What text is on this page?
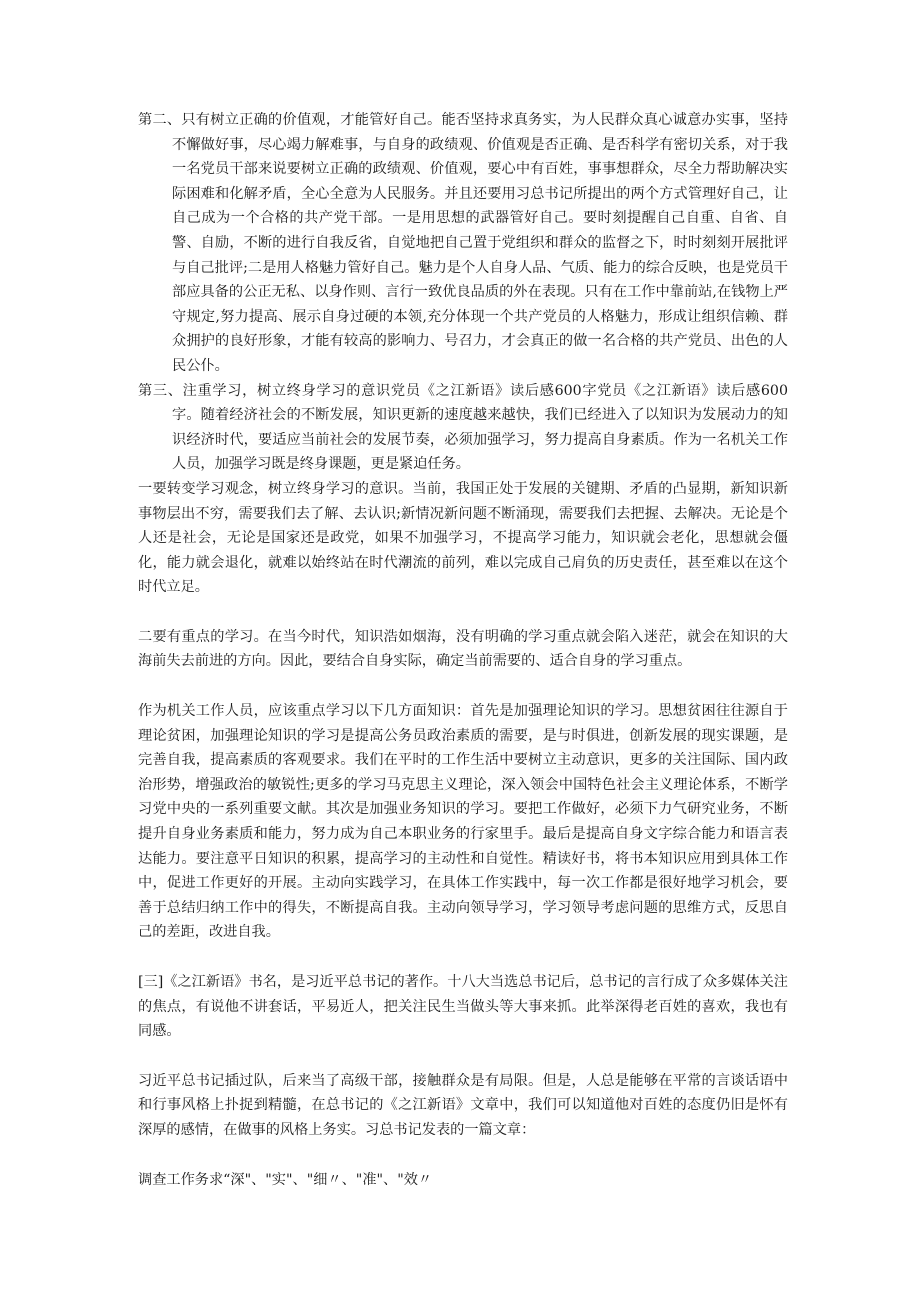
第二、只有树立正确的价值观，才能管好自己。能否坚持求真务实，为人民群众真心诚意办实事，坚持不懈做好事，尽心竭力解难事，与自身的政绩观、价值观是否正确、是否科学有密切关系，对于我一名党员干部来说要树立正确的政绩观、价值观，要心中有百姓，事事想群众，尽全力帮助解决实际困难和化解矛盾，全心全意为人民服务。并且还要用习总书记所提出的两个方式管理好自己，让自己成为一个合格的共产党干部。一是用思想的武器管好自己。要时刻提醒自己自重、自省、自警、自励，不断的进行自我反省，自觉地把自己置于党组织和群众的监督之下，时时刻刻开展批评与自己批评;二是用人格魅力管好自己。魅力是个人自身人品、气质、能力的综合反映，也是党员干部应具备的公正无私、以身作则、言行一致优良品质的外在表现。只有在工作中靠前站,在钱物上严守规定,努力提高、展示自身过硬的本领,充分体现一个共产党员的人格魅力，形成让组织信赖、群众拥护的良好形象，才能有较高的影响力、号召力，才会真正的做一名合格的共产党员、出色的人民公仆。

第三、注重学习，树立终身学习的意识党员《之江新语》读后感600字党员《之江新语》读后感600字。随着经济社会的不断发展，知识更新的速度越来越快，我们已经进入了以知识为发展动力的知识经济时代，要适应当前社会的发展节奏，必须加强学习，努力提高自身素质。作为一名机关工作人员，加强学习既是终身课题，更是紧迫任务。

一要转变学习观念，树立终身学习的意识。当前，我国正处于发展的关键期、矛盾的凸显期，新知识新事物层出不穷，需要我们去了解、去认识;新情况新问题不断涌现，需要我们去把握、去解决。无论是个人还是社会，无论是国家还是政党，如果不加强学习，不提高学习能力，知识就会老化，思想就会僵化，能力就会退化，就难以始终站在时代潮流的前列，难以完成自己肩负的历史责任，甚至难以在这个时代立足。

二要有重点的学习。在当今时代，知识浩如烟海，没有明确的学习重点就会陷入迷茫，就会在知识的大海前失去前进的方向。因此，要结合自身实际，确定当前需要的、适合自身的学习重点。

作为机关工作人员，应该重点学习以下几方面知识：首先是加强理论知识的学习。思想贫困往往源自于理论贫困，加强理论知识的学习是提高公务员政治素质的需要，是与时俱进，创新发展的现实课题，是完善自我，提高素质的客观要求。我们在平时的工作生活中要树立主动意识，更多的关注国际、国内政治形势，增强政治的敏锐性;更多的学习马克思主义理论，深入领会中国特色社会主义理论体系，不断学习党中央的一系列重要文献。其次是加强业务知识的学习。要把工作做好，必须下力气研究业务，不断提升自身业务素质和能力，努力成为自己本职业务的行家里手。最后是提高自身文字综合能力和语言表达能力。要注意平日知识的积累，提高学习的主动性和自觉性。精读好书，将书本知识应用到具体工作中，促进工作更好的开展。主动向实践学习，在具体工作实践中，每一次工作都是很好地学习机会，要善于总结归纳工作中的得失，不断提高自我。主动向领导学习，学习领导考虑问题的思维方式，反思自己的差距，改进自我。

[三]《之江新语》书名，是习近平总书记的著作。十八大当选总书记后，总书记的言行成了众多媒体关注的焦点，有说他不讲套话，平易近人，把关注民生当做头等大事来抓。此举深得老百姓的喜欢，我也有同感。

习近平总书记插过队，后来当了高级干部，接触群众是有局限。但是，人总是能够在平常的言谈话语中和行事风格上扑捉到精髓，在总书记的《之江新语》文章中，我们可以知道他对百姓的态度仍旧是怀有深厚的感情，在做事的风格上务实。习总书记发表的一篇文章：

调查工作务求“深"、"实"、"细〃、"准"、"效〃
